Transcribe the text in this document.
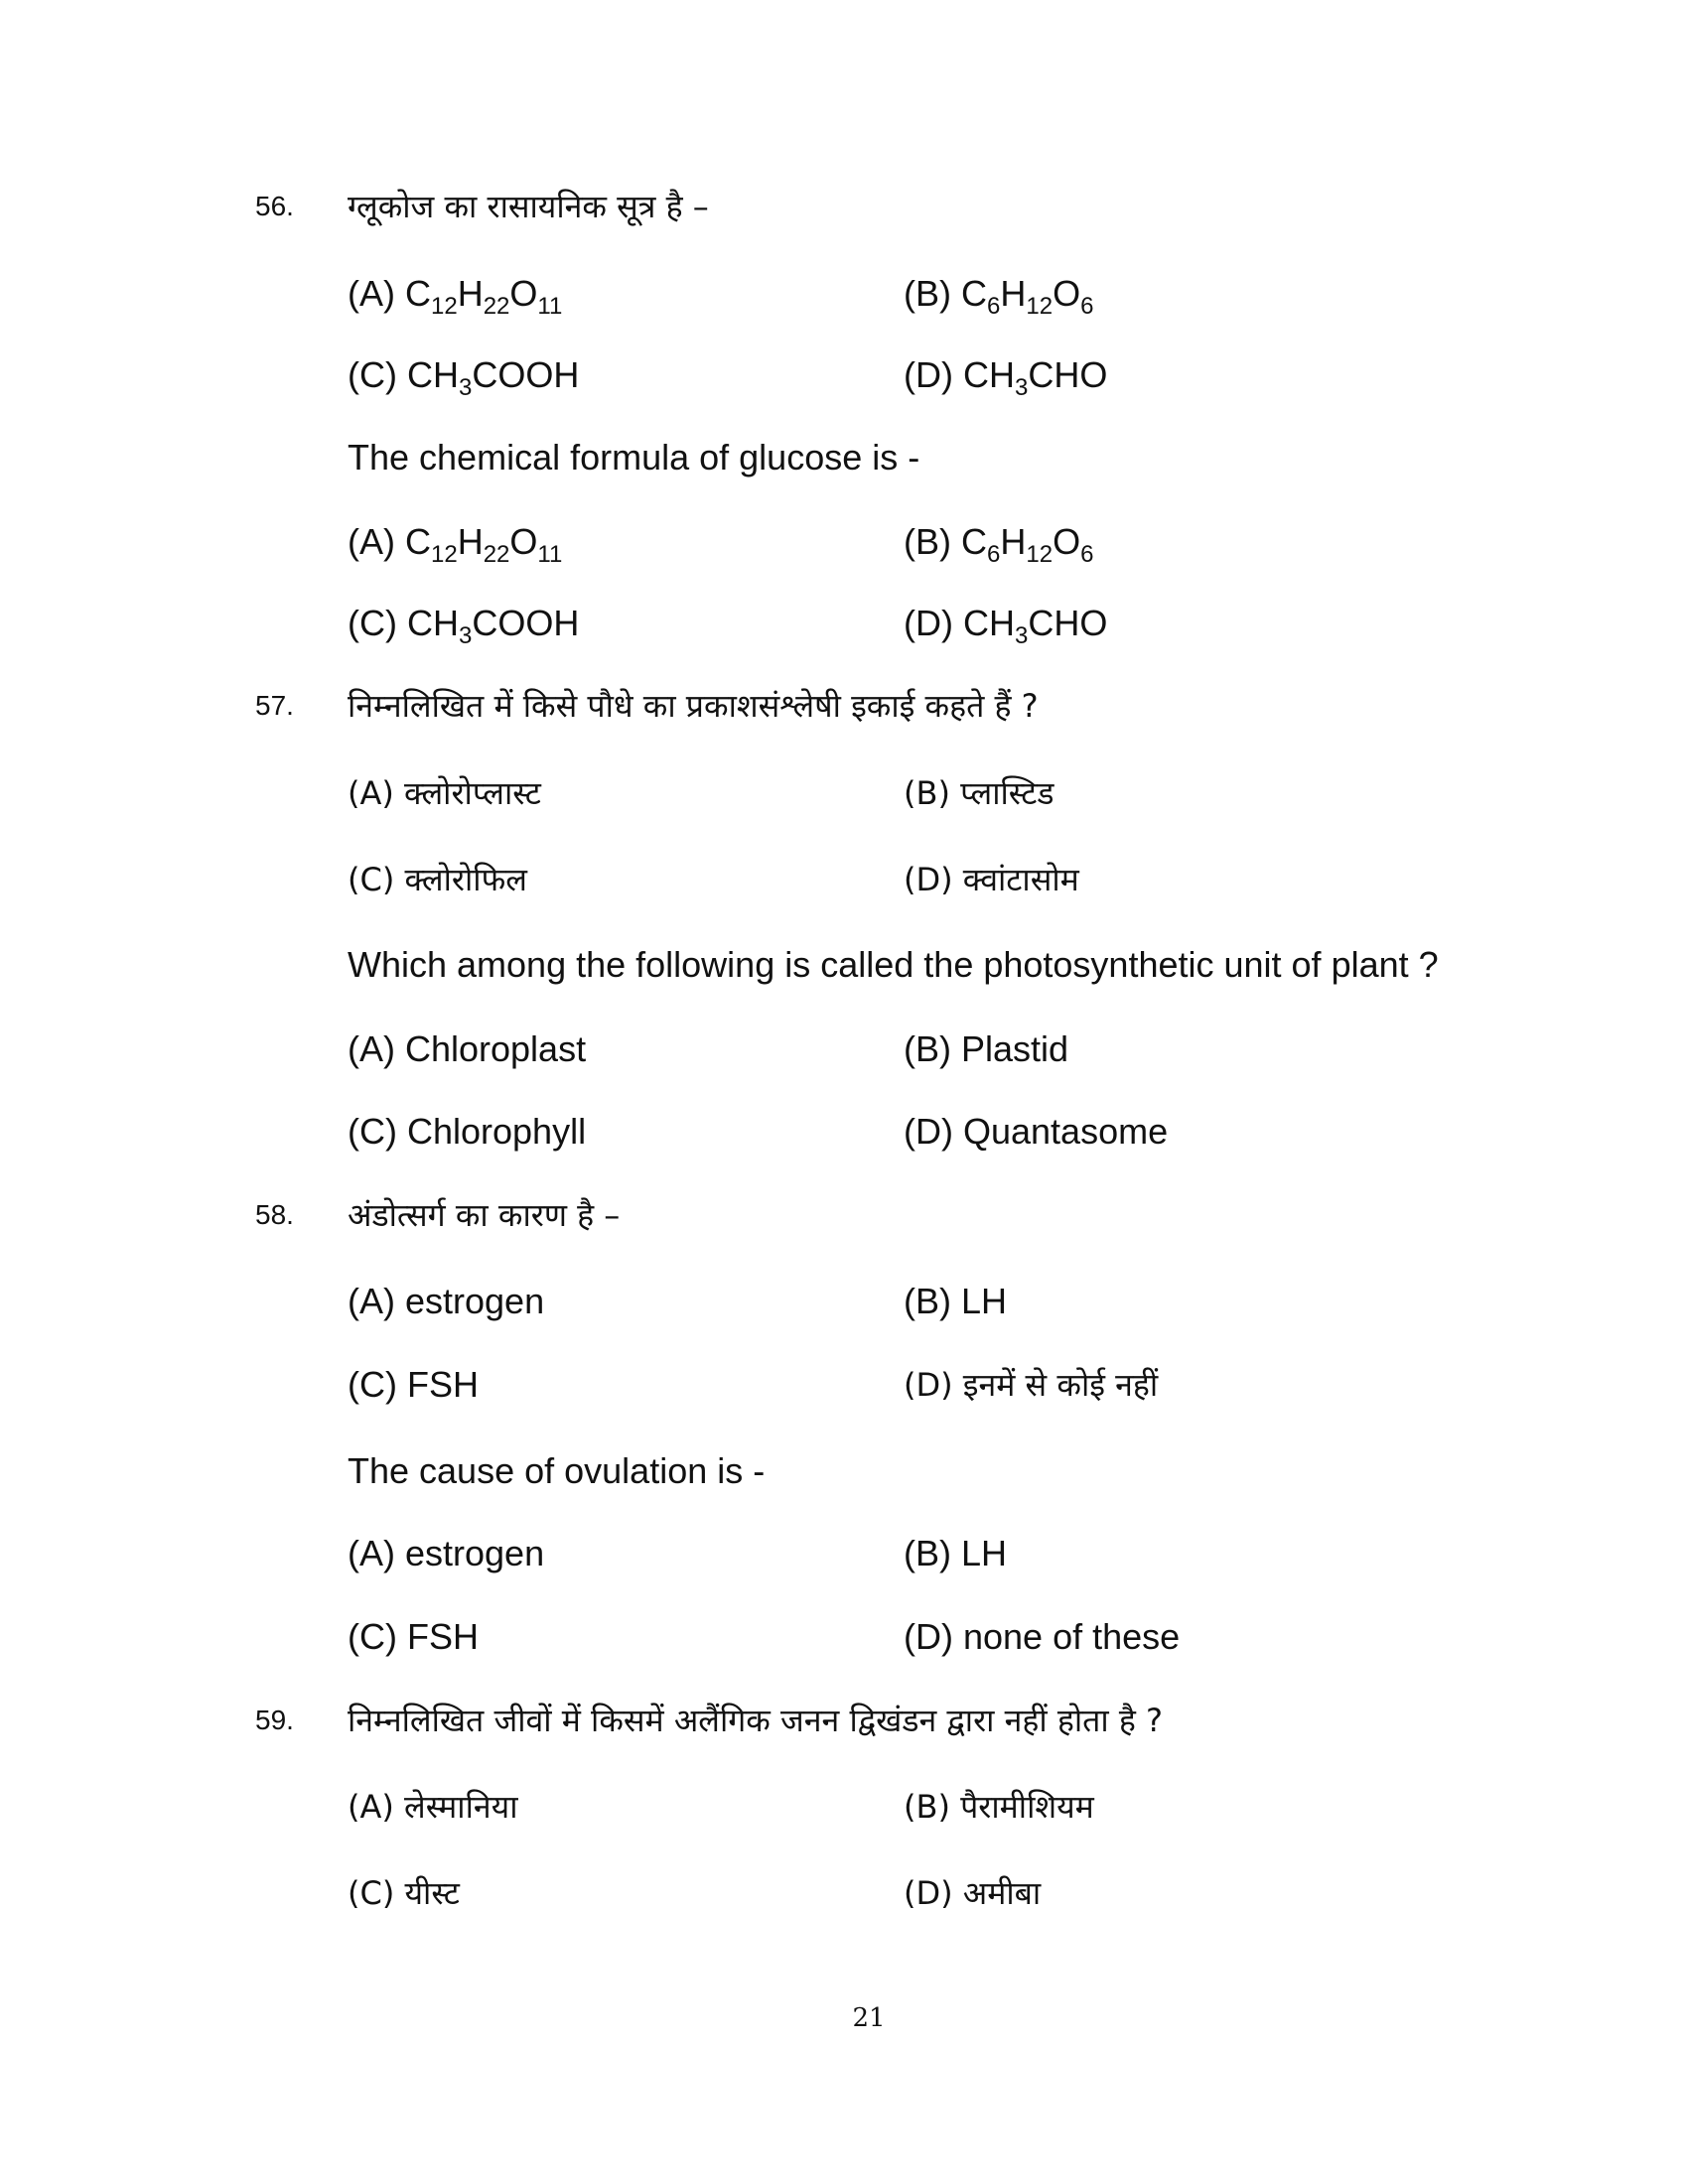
56. ग्लूकोज का रासायनिक सूत्र है –
(A) $C_{12}H_{22}O_{11}$	(B) $C_6H_{12}O_6$
(C) $CH_3COOH$	(D) $CH_3CHO$
The chemical formula of glucose is -
(A) $C_{12}H_{22}O_{11}$	(B) $C_6H_{12}O_6$
(C) $CH_3COOH$	(D) $CH_3CHO$
57. निम्नलिखित में किसे पौधे का प्रकाशसंश्लेषी इकाई कहते हैं ?
(A) क्लोरोप्लास्ट	(B) प्लास्टिड
(C) क्लोरोफिल	(D) क्वांटासोम
Which among the following is called the photosynthetic unit of plant ?
(A) Chloroplast	(B) Plastid
(C) Chlorophyll	(D) Quantasome
58. अंडोत्सर्ग का कारण है –
(A) estrogen	(B) LH
(C) FSH	(D) इनमें से कोई नहीं
The cause of ovulation is -
(A) estrogen	(B) LH
(C) FSH	(D) none of these
59. निम्नलिखित जीवों में किसमें अलैंगिक जनन द्विखंडन द्वारा नहीं होता है ?
(A) लेस्मानिया	(B) पैरामीशियम
(C) यीस्ट	(D) अमीबा
21
